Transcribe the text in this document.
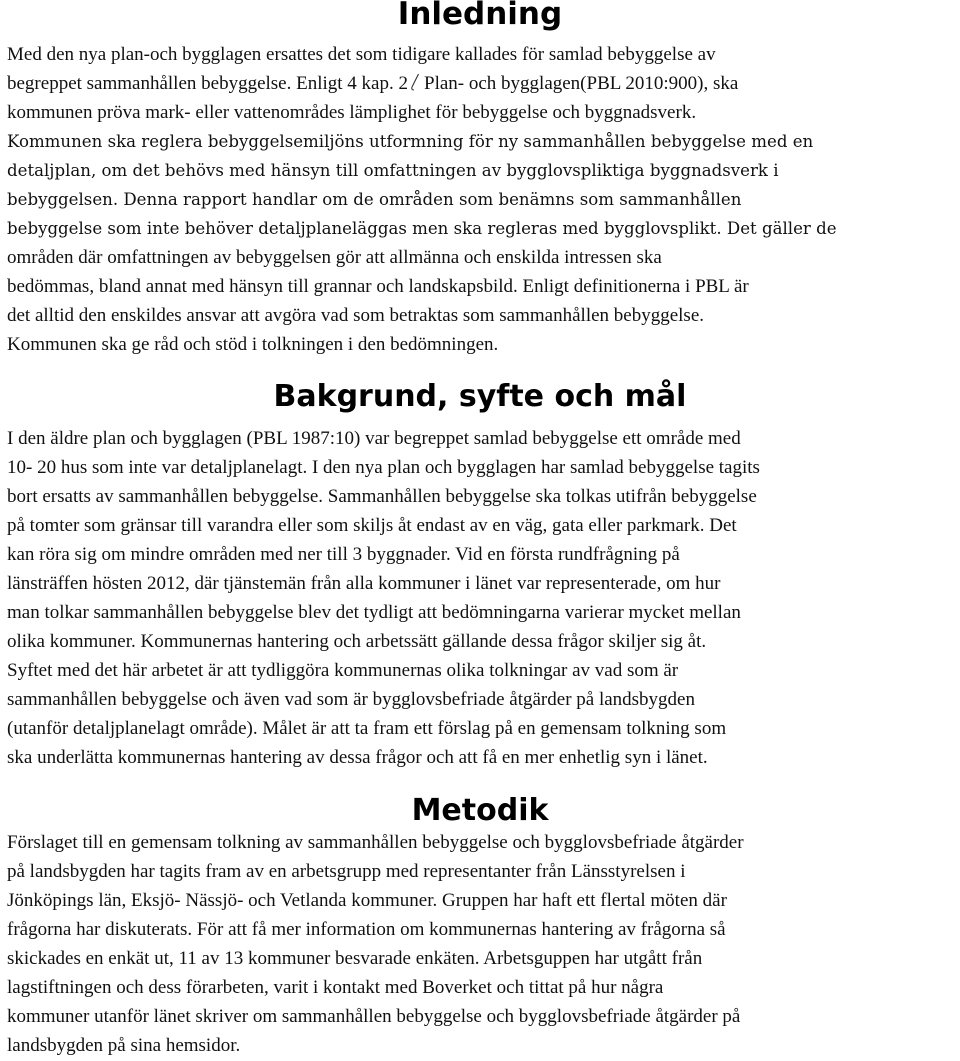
Inledning
Med den nya plan-och bygglagen ersattes det som tidigare kallades för samlad bebyggelse av
begreppet sammanhållen bebyggelse. Enligt 4 kap. 2 Plan- och bygglagen(PBL 2010:900), ska
kommunen pröva mark- eller vattenområdes lämplighet för bebyggelse och byggnadsverk.
Kommunen ska reglera bebyggelsemiljöns utformning för ny sammanhållen bebyggelse med en
detaljplan, om det behövs med hänsyn till omfattningen av bygglovspliktiga byggnadsverk i
bebyggelsen. Denna rapport handlar om de områden som benämns som sammanhållen
bebyggelse som inte behöver detaljplaneläggas men ska regleras med bygglovsplikt. Det gäller de
områden där omfattningen av bebyggelsen gör att allmänna och enskilda intressen ska
bedömmas, bland annat med hänsyn till grannar och landskapsbild. Enligt definitionerna i PBL är
det alltid den enskildes ansvar att avgöra vad som betraktas som sammanhållen bebyggelse.
Kommunen ska ge råd och stöd i tolkningen i den bedömningen.
Bakgrund, syfte och mål
I den äldre plan och bygglagen (PBL 1987:10) var begreppet samlad bebyggelse ett område med
10- 20 hus som inte var detaljplanelagt. I den nya plan och bygglagen har samlad bebyggelse tagits
bort ersatts av sammanhållen bebyggelse. Sammanhållen bebyggelse ska tolkas utifrån bebyggelse
på tomter som gränsar till varandra eller som skiljs åt endast av en väg, gata eller parkmark. Det
kan röra sig om mindre områden med ner till 3 byggnader. Vid en första rundfrågning på
länsträffen hösten 2012, där tjänstemän från alla kommuner i länet var representerade, om hur
man tolkar sammanhållen bebyggelse blev det tydligt att bedömningarna varierar mycket mellan
olika kommuner. Kommunernas hantering och arbetssätt gällande dessa frågor skiljer sig åt.
Syftet med det här arbetet är att tydliggöra kommunernas olika tolkningar av vad som är
sammanhållen bebyggelse och även vad som är bygglovsbefriade åtgärder på landsbygden
(utanför detaljplanelagt område). Målet är att ta fram ett förslag på en gemensam tolkning som
ska underlätta kommunernas hantering av dessa frågor och att få en mer enhetlig syn i länet.
Metodik
Förslaget till en gemensam tolkning av sammanhållen bebyggelse och bygglovsbefriade åtgärder
på landsbygden har tagits fram av en arbetsgrupp med representanter från Länsstyrelsen i
Jönköpings län, Eksjö- Nässjö- och Vetlanda kommuner. Gruppen har haft ett flertal möten där
frågorna har diskuterats. För att få mer information om kommunernas hantering av frågorna så
skickades en enkät ut, 11 av 13 kommuner besvarade enkäten. Arbetsguppen har utgått från
lagstiftningen och dess förarbeten, varit i kontakt med Boverket och tittat på hur några
kommuner utanför länet skriver om sammanhållen bebyggelse och bygglovsbefriade åtgärder på
landsbygden på sina hemsidor.
